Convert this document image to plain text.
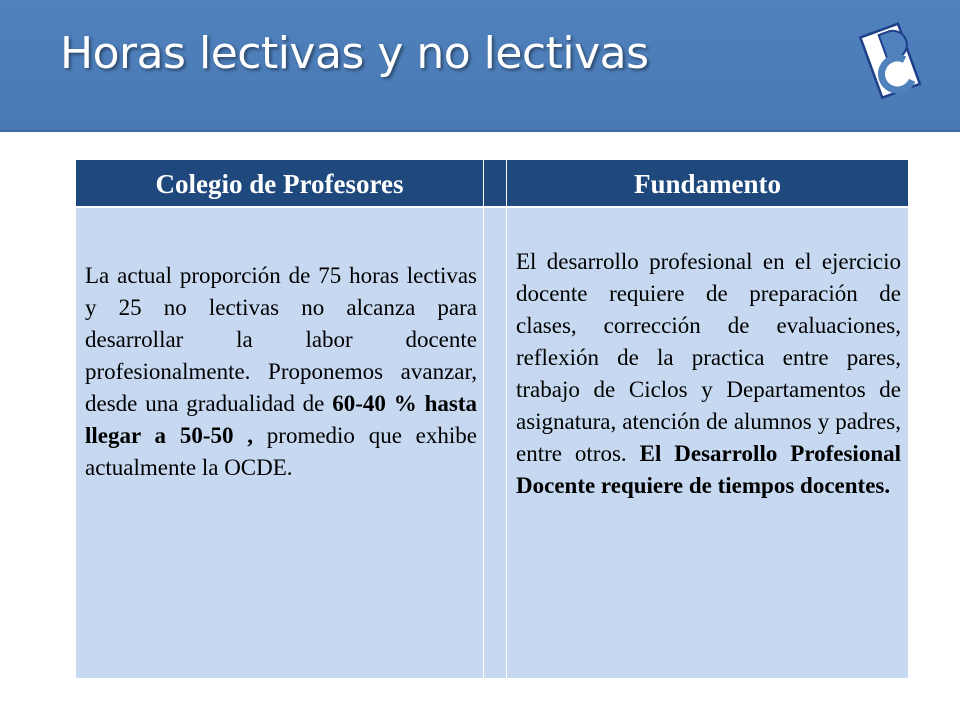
Horas lectivas y no lectivas
Colegio de Profesores
La actual proporción de 75 horas lectivas y 25 no lectivas no alcanza para desarrollar la labor docente profesionalmente. Proponemos avanzar, desde una gradualidad de 60-40 % hasta llegar a 50-50 , promedio que exhibe actualmente la OCDE.
Fundamento
El desarrollo profesional en el ejercicio docente requiere de preparación de clases, corrección de evaluaciones, reflexión de la practica entre pares, trabajo de Ciclos y Departamentos de asignatura, atención de alumnos y padres, entre otros. El Desarrollo Profesional Docente requiere de tiempos docentes.
